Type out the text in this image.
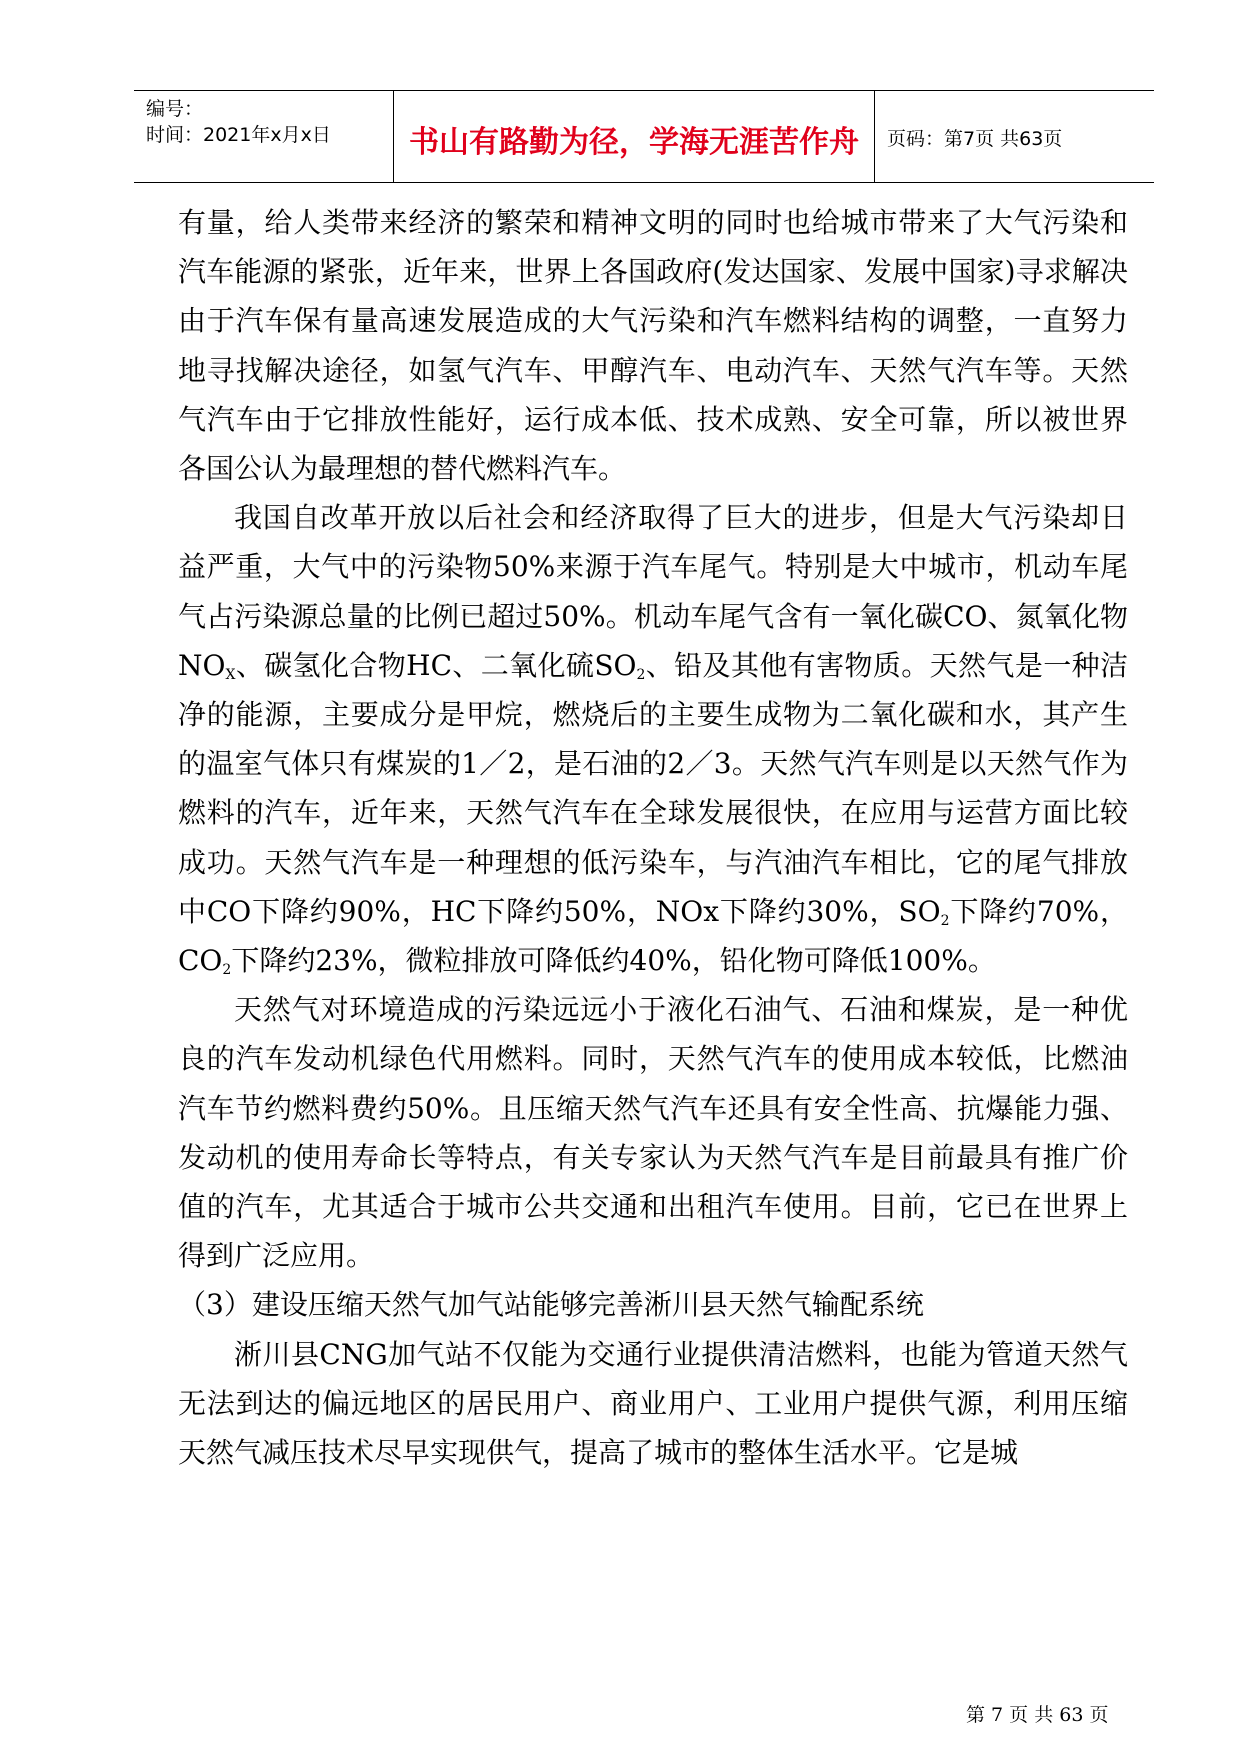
编号：
时间：2021年x月x日	书山有路勤为径，学海无涯苦作舟	页码：第7页 共63页

有量，给人类带来经济的繁荣和精神文明的同时也给城市带来了大气污染和汽车能源的紧张，近年来，世界上各国政府(发达国家、发展中国家)寻求解决由于汽车保有量高速发展造成的大气污染和汽车燃料结构的调整，一直努力地寻找解决途径，如氢气汽车、甲醇汽车、电动汽车、天然气汽车等。天然气汽车由于它排放性能好，运行成本低、技术成熟、安全可靠，所以被世界各国公认为最理想的替代燃料汽车。

我国自改革开放以后社会和经济取得了巨大的进步，但是大气污染却日益严重，大气中的污染物50%来源于汽车尾气。特别是大中城市，机动车尾气占污染源总量的比例已超过50%。机动车尾气含有一氧化碳CO、氮氧化物$NO_X$、碳氢化合物HC、二氧化硫$SO_2$、铅及其他有害物质。天然气是一种洁净的能源，主要成分是甲烷，燃烧后的主要生成物为二氧化碳和水，其产生的温室气体只有煤炭的1／2，是石油的2／3。天然气汽车则是以天然气作为燃料的汽车，近年来，天然气汽车在全球发展很快，在应用与运营方面比较成功。天然气汽车是一种理想的低污染车，与汽油汽车相比，它的尾气排放中CO下降约90%，HC下降约50%，NOx下降约30%，$SO_2$下降约70%，$CO_2$下降约23%，微粒排放可降低约40%，铅化物可降低100%。

天然气对环境造成的污染远远小于液化石油气、石油和煤炭，是一种优良的汽车发动机绿色代用燃料。同时，天然气汽车的使用成本较低，比燃油汽车节约燃料费约50%。且压缩天然气汽车还具有安全性高、抗爆能力强、发动机的使用寿命长等特点，有关专家认为天然气汽车是目前最具有推广价值的汽车，尤其适合于城市公共交通和出租汽车使用。目前，它已在世界上得到广泛应用。

（3）建设压缩天然气加气站能够完善淅川县天然气输配系统

淅川县CNG加气站不仅能为交通行业提供清洁燃料，也能为管道天然气无法到达的偏远地区的居民用户、商业用户、工业用户提供气源，利用压缩天然气减压技术尽早实现供气，提高了城市的整体生活水平。它是城

第 7 页 共 63 页
